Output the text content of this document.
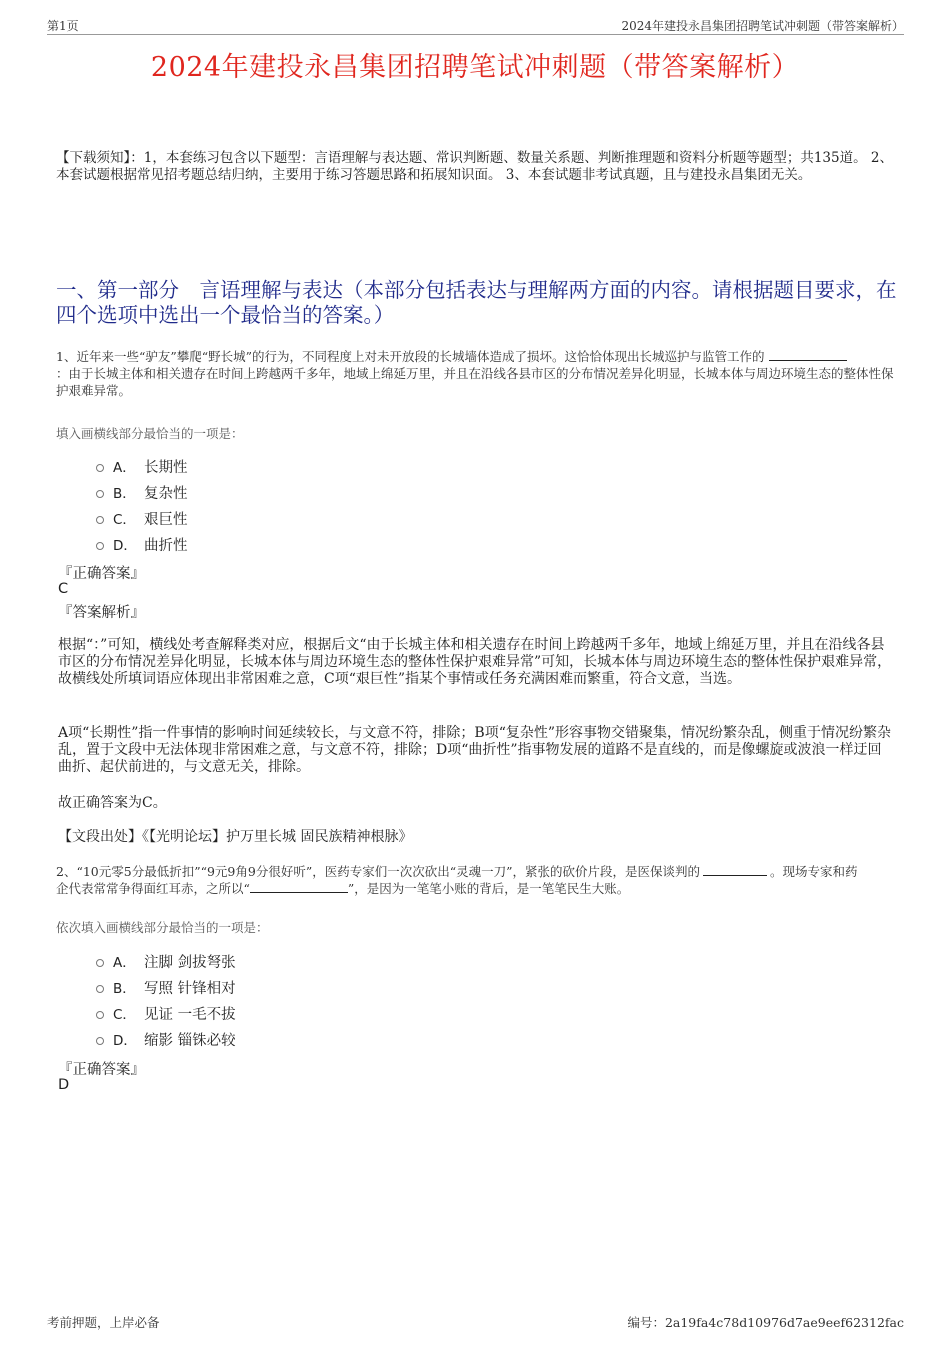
第1页	2024年建投永昌集团招聘笔试冲刺题（带答案解析）
2024年建投永昌集团招聘笔试冲刺题（带答案解析）
【下载须知】：1，本套练习包含以下题型：言语理解与表达题、常识判断题、数量关系题、判断推理题和资料分析题等题型；共135道。 2、本套试题根据常见招考题总结归纳，主要用于练习答题思路和拓展知识面。 3、本套试题非考试真题，且与建投永昌集团无关。
一、第一部分　言语理解与表达（本部分包括表达与理解两方面的内容。请根据题目要求，在四个选项中选出一个最恰当的答案。）
1、近年来一些“驴友”攀爬“野长城”的行为，不同程度上对未开放段的长城墙体造成了损坏。这恰恰体现出长城巡护与监管工作的
：由于长城主体和相关遗存在时间上跨越两千多年，地域上绵延万里，并且在沿线各县市区的分布情况差异化明显，长城本体与周边环境生态的整体性保护艰难异常。
填入画横线部分最恰当的一项是：
A． 长期性
B． 复杂性
C． 艰巨性
D． 曲折性
『正确答案』
C
『答案解析』
根据“：”可知，横线处考查解释类对应，根据后文“由于长城主体和相关遗存在时间上跨越两千多年，地域上绵延万里，并且在沿线各县市区的分布情况差异化明显，长城本体与周边环境生态的整体性保护艰难异常”可知，长城本体与周边环境生态的整体性保护艰难异常，故横线处所填词语应体现出非常困难之意，C项“艰巨性”指某个事情或任务充满困难而繁重，符合文意，当选。
A项“长期性”指一件事情的影响时间延续较长，与文意不符，排除；B项“复杂性”形容事物交错聚集，情况纷繁杂乱，侧重于情况纷繁杂乱，置于文段中无法体现非常困难之意，与文意不符，排除；D项“曲折性”指事物发展的道路不是直线的，而是像螺旋或波浪一样迂回曲折、起伏前进的，与文意无关，排除。
故正确答案为C。
【文段出处】《【光明论坛】护万里长城 固民族精神根脉》
2、“10元零5分最低折扣”“9元9角9分很好听”，医药专家们一次次砍出“灵魂一刀”，紧张的砍价片段，是医保谈判的	。现场专家和药
企代表常常争得面红耳赤，之所以“	”，是因为一笔笔小账的背后，是一笔笔民生大账。
依次填入画横线部分最恰当的一项是：
A． 注脚 剑拔弩张
B． 写照 针锋相对
C． 见证 一毛不拔
D． 缩影 锱铢必较
『正确答案』
D
考前押题，上岸必备	编号：2a19fa4c78d10976d7ae9eef62312fac
